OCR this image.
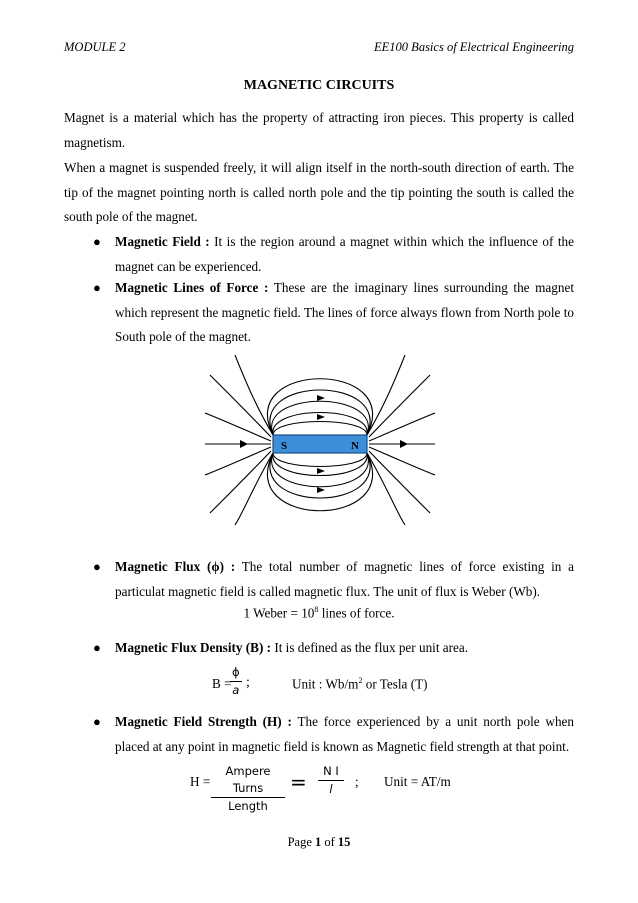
MODULE 2	EE100 Basics of Electrical Engineering
MAGNETIC CIRCUITS
Magnet is a material which has the property of attracting iron pieces. This property is called magnetism.
When a magnet is suspended freely, it will align itself in the north-south direction of earth. The tip of the magnet pointing north is called north pole and the tip pointing the south is called the south pole of the magnet.
● Magnetic Field : It is the region around a magnet within which the influence of the magnet can be experienced.
● Magnetic Lines of Force : These are the imaginary lines surrounding the magnet which represent the magnetic field. The lines of force always flown from North pole to South pole of the magnet.
S	N
● Magnetic Flux (ϕ) : The total number of magnetic lines of force existing in a particulat magnetic field is called magnetic flux. The unit of flux is Weber (Wb).
1 Weber = $10^8$ lines of force.
● Magnetic Flux Density (B) : It is defined as the flux per unit area.
B =
$\frac{\phi}{a}$ ;	Unit : $Wb/m^2$ or Tesla (T)
● Magnetic Field Strength (H) : The force experienced by a unit north pole when placed at any point in magnetic field is known as Magnetic field strength at that point.
H =
Ampere Turns
Length
= $\frac{\text{N I}}{l}$ ; Unit = AT/m
Page 1 of 15
